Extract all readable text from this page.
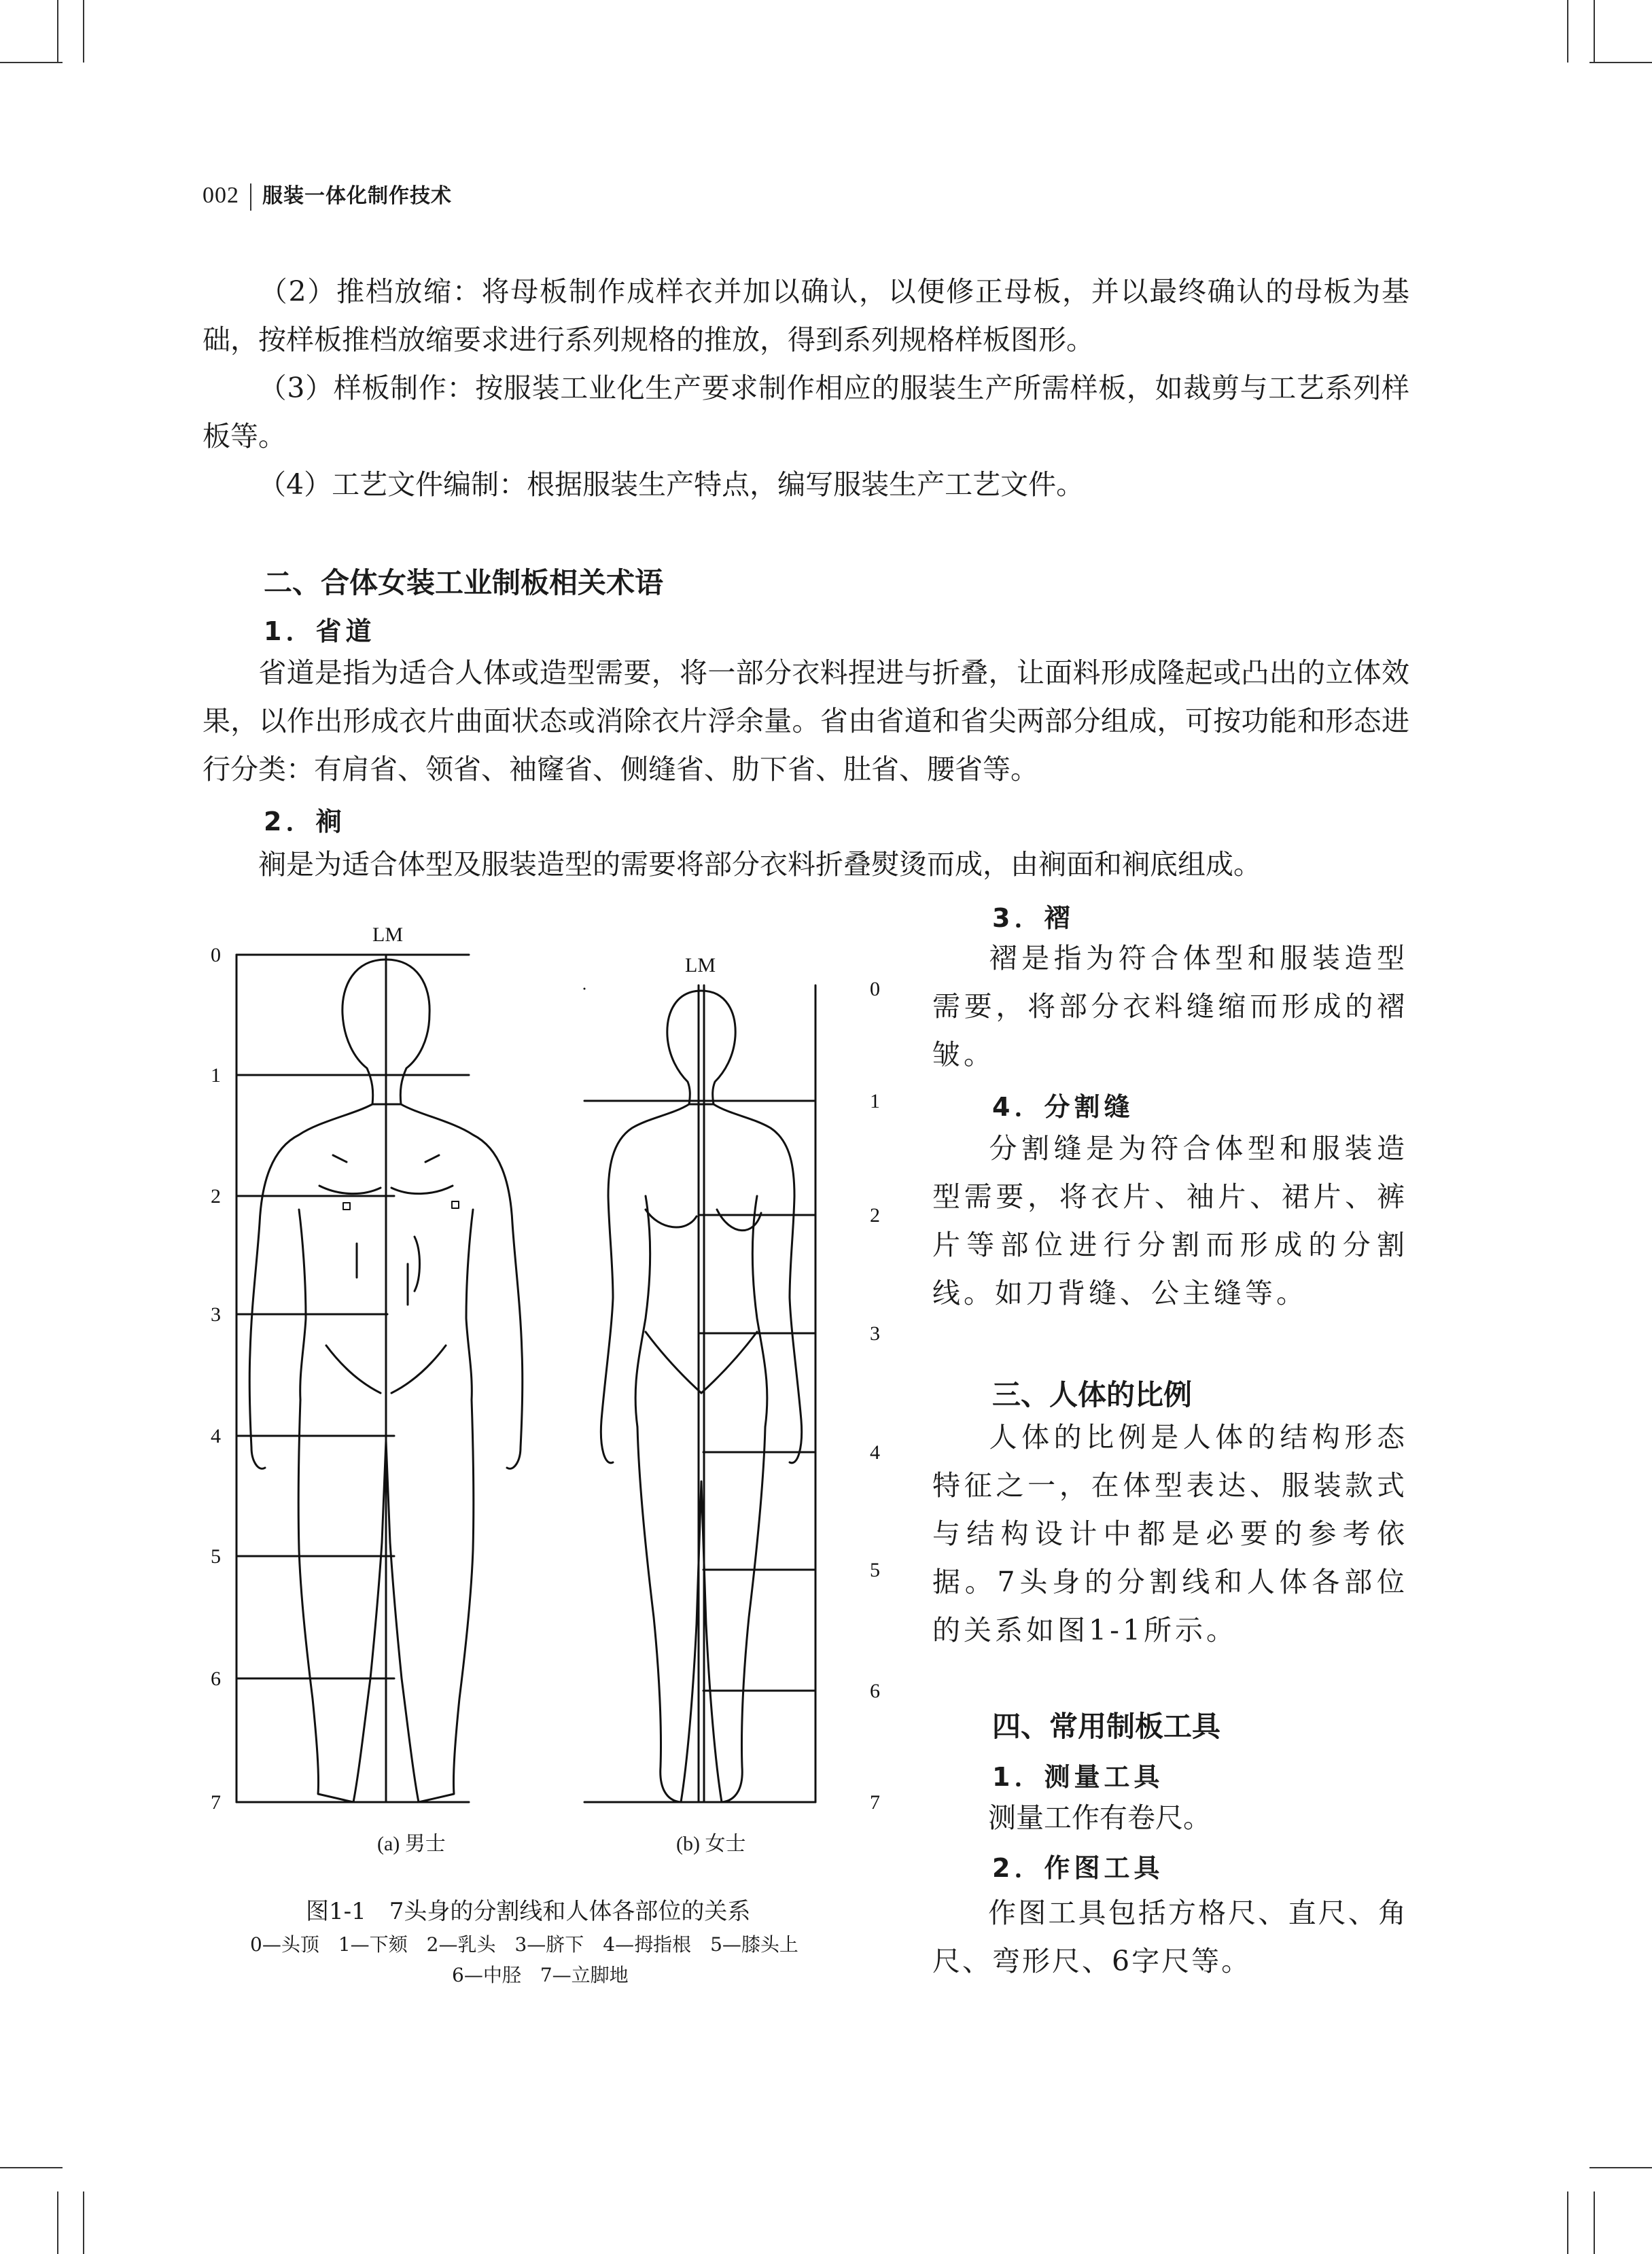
002 服装一体化制作技术

（2）推档放缩：将母板制作成样衣并加以确认，以便修正母板，并以最终确认的母板为基础，按样板推档放缩要求进行系列规格的推放，得到系列规格样板图形。

（3）样板制作：按服装工业化生产要求制作相应的服装生产所需样板，如裁剪与工艺系列样板等。

（4）工艺文件编制：根据服装生产特点，编写服装生产工艺文件。

二、合体女装工业制板相关术语
1．省道

省道是指为适合人体或造型需要，将一部分衣料捏进与折叠，让面料形成隆起或凸出的立体效果，以作出形成衣片曲面状态或消除衣片浮余量。省由省道和省尖两部分组成，可按功能和形态进行分类：有肩省、领省、袖窿省、侧缝省、肋下省、肚省、腰省等。

2．裥

裥是为适合体型及服装造型的需要将部分衣料折叠熨烫而成，由裥面和裥底组成。

3．褶

褶是指为符合体型和服装造型需要，将部分衣料缝缩而形成的褶皱。

4．分割缝

分割缝是为符合体型和服装造型需要，将衣片、袖片、裙片、裤片等部位进行分割而形成的分割线。如刀背缝、公主缝等。

三、人体的比例

人体的比例是人体的结构形态特征之一，在体型表达、服装款式与结构设计中都是必要的参考依据。7头身的分割线和人体各部位的关系如图1-1所示。

四、常用制板工具
1．测量工具

测量工作有卷尺。

2．作图工具

作图工具包括方格尺、直尺、角尺、弯形尺、6字尺等。

0
1
2
3
4
5
6
7
0
1
2
3
4
5
6
7
LM
LM
(a) 男士	(b) 女士
图1-1　7头身的分割线和人体各部位的关系
0—头顶　1—下颏　2—乳头　3—脐下　4—拇指根　5—膝头上
6—中胫　7—立脚地
